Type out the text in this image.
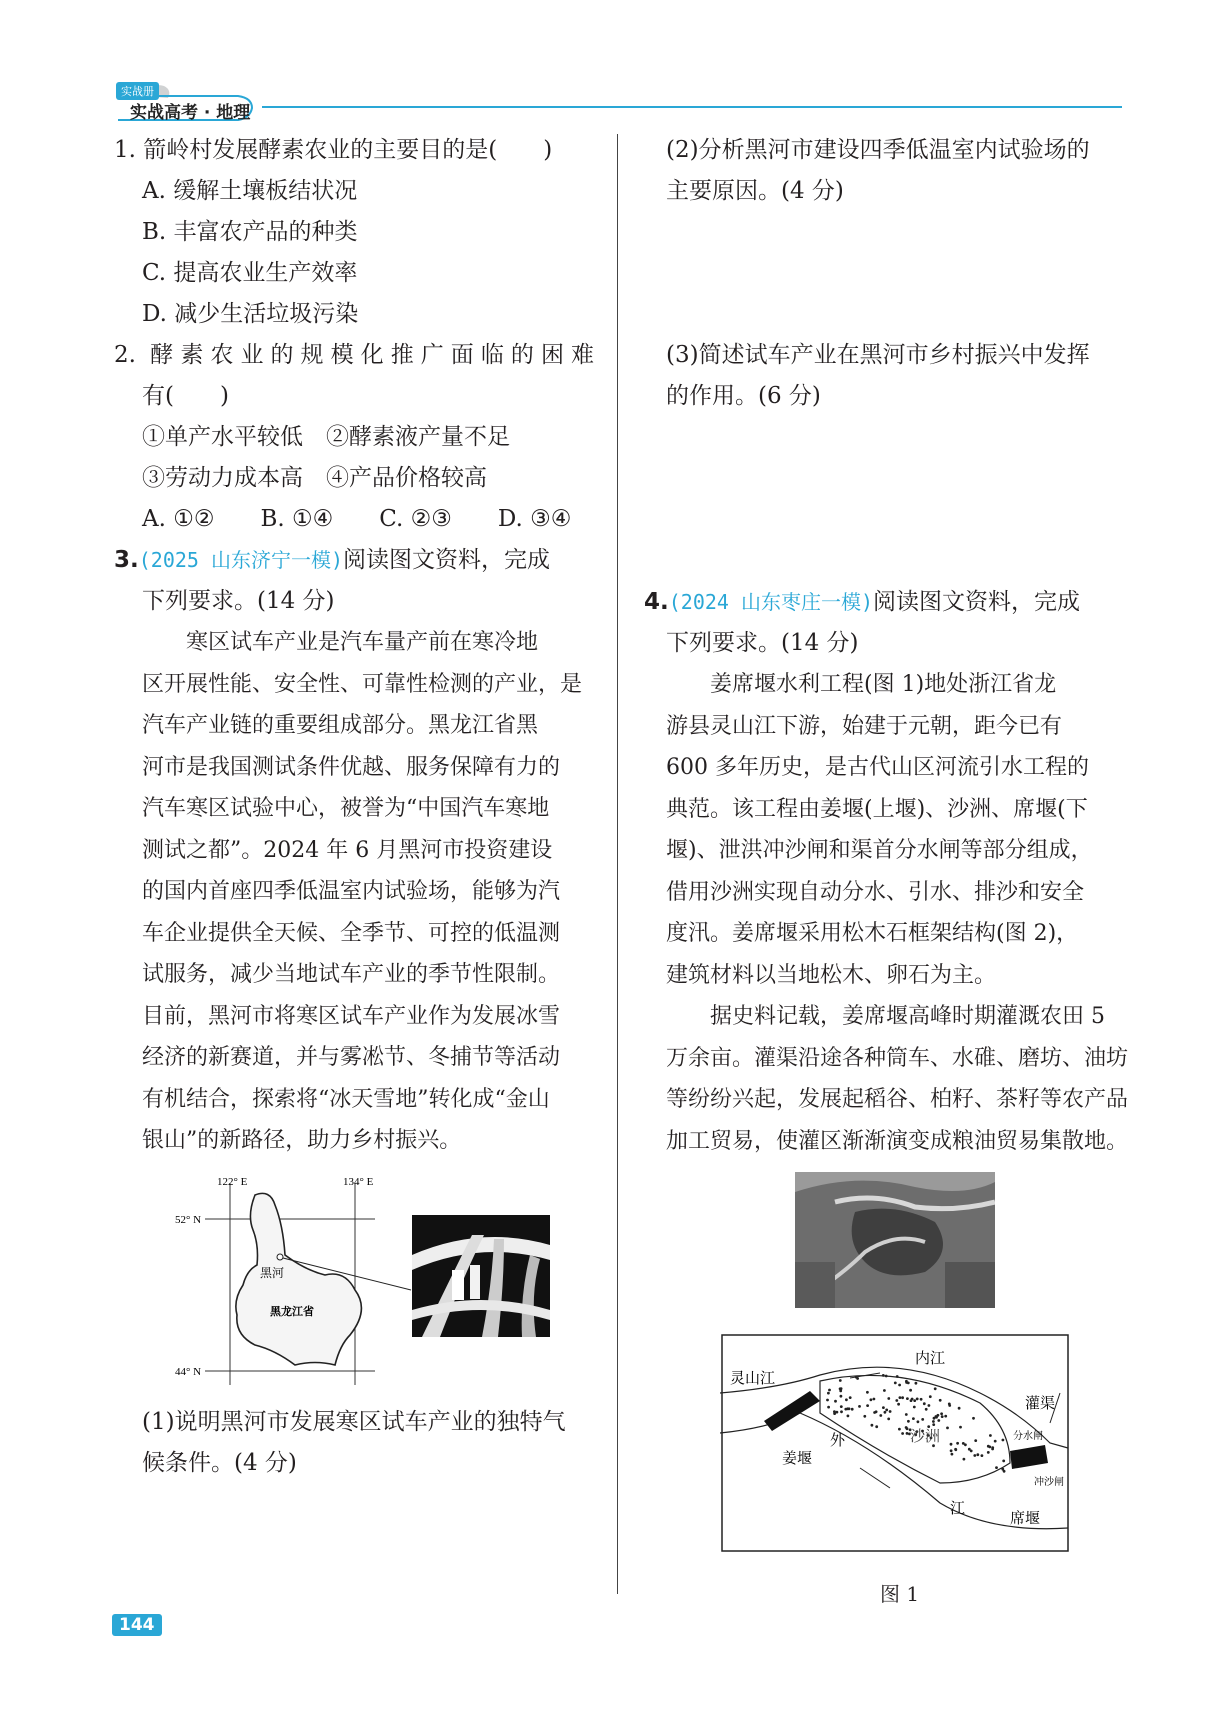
实战册
实战高考 · 地理
1. 箭岭村发展酵素农业的主要目的是(　　)
A. 缓解土壤板结状况
B. 丰富农产品的种类
C. 提高农业生产效率
D. 减少生活垃圾污染
2. 酵素农业的规模化推广面临的困难
有(　　)
①单产水平较低　②酵素液产量不足
③劳动力成本高　④产品价格较高
A. ①②　　B. ①④　　C. ②③　　D. ③④
3.(2025 山东济宁一模)阅读图文资料，完成
下列要求。(14 分)
寒区试车产业是汽车量产前在寒冷地
区开展性能、安全性、可靠性检测的产业，是
汽车产业链的重要组成部分。黑龙江省黑
河市是我国测试条件优越、服务保障有力的
汽车寒区试验中心，被誉为“中国汽车寒地
测试之都”。2024 年 6 月黑河市投资建设
的国内首座四季低温室内试验场，能够为汽
车企业提供全天候、全季节、可控的低温测
试服务，减少当地试车产业的季节性限制。
目前，黑河市将寒区试车产业作为发展冰雪
经济的新赛道，并与雾凇节、冬捕节等活动
有机结合，探索将“冰天雪地”转化成“金山
银山”的新路径，助力乡村振兴。
(1)说明黑河市发展寒区试车产业的独特气
候条件。(4 分)
122° E	134° E
52° N
44° N
黑河
黑龙江省
(2)分析黑河市建设四季低温室内试验场的
主要原因。(4 分)
(3)简述试车产业在黑河市乡村振兴中发挥
的作用。(6 分)
4.(2024 山东枣庄一模)阅读图文资料，完成
下列要求。(14 分)
姜席堰水利工程(图 1)地处浙江省龙
游县灵山江下游，始建于元朝，距今已有
600 多年历史，是古代山区河流引水工程的
典范。该工程由姜堰(上堰)、沙洲、席堰(下
堰)、泄洪冲沙闸和渠首分水闸等部分组成，
借用沙洲实现自动分水、引水、排沙和安全
度汛。姜席堰采用松木石框架结构(图 2)，
建筑材料以当地松木、卵石为主。
据史料记载，姜席堰高峰时期灌溉农田 5
万余亩。灌渠沿途各种筒车、水碓、磨坊、油坊
等纷纷兴起，发展起稻谷、柏籽、茶籽等农产品
加工贸易，使灌区渐渐演变成粮油贸易集散地。
内江
灵山江
灌渠
分水闸
沙洲
外
江
姜堰
冲沙闸
席堰
图 1
144
